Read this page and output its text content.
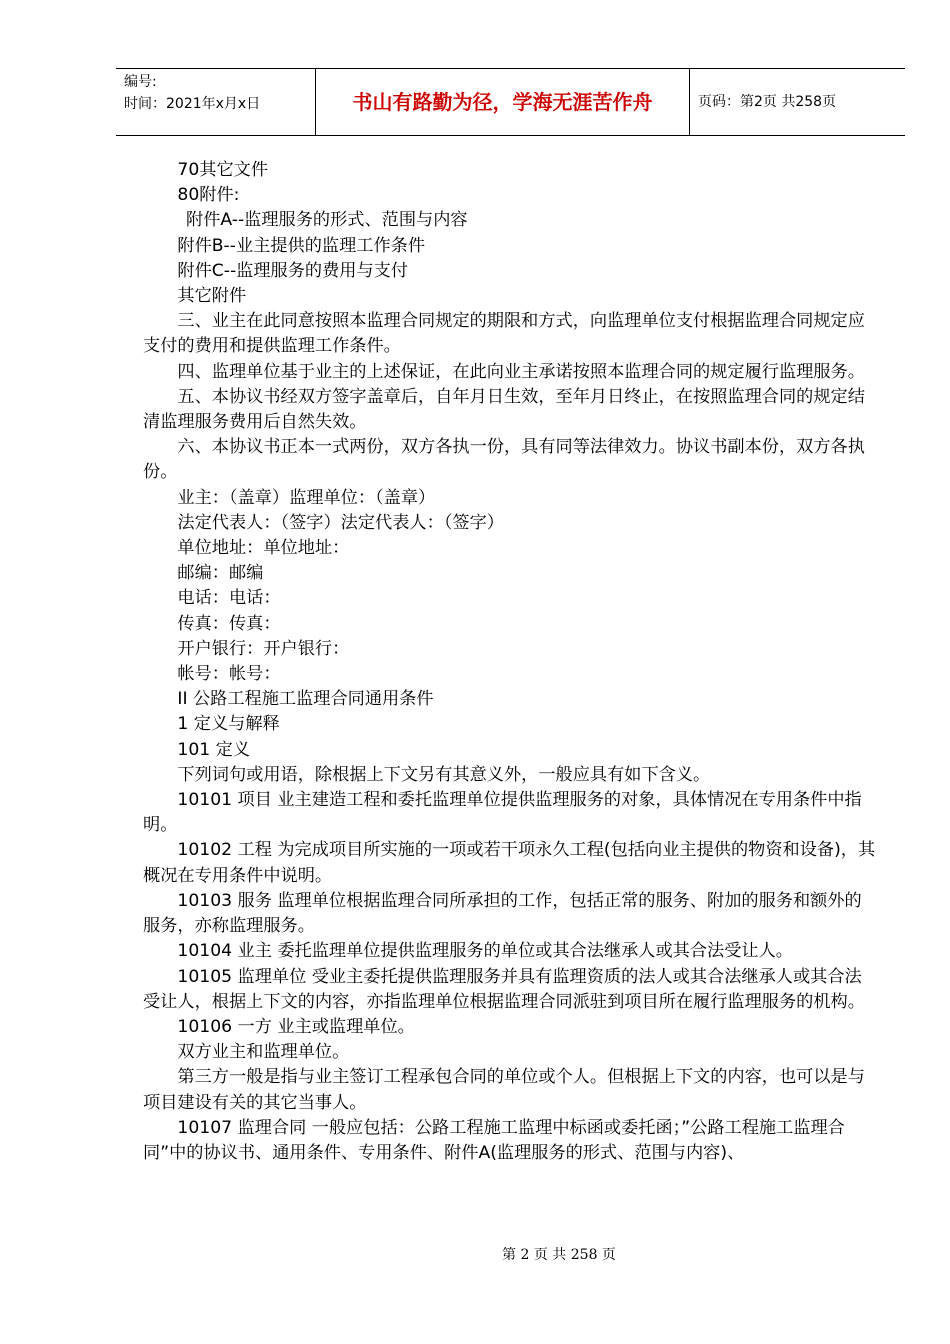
编号:
时间：2021年x月x日	书山有路勤为径，学海无涯苦作舟	页码：第2页 共258页

70其它文件

80附件:

附件A--监理服务的形式、范围与内容

附件B--业主提供的监理工作条件

附件C--监理服务的费用与支付

其它附件

三、业主在此同意按照本监理合同规定的期限和方式，向监理单位支付根据监理合同规定应支付的费用和提供监理工作条件。

四、监理单位基于业主的上述保证，在此向业主承诺按照本监理合同的规定履行监理服务。

五、本协议书经双方签字盖章后，自年月日生效，至年月日终止，在按照监理合同的规定结清监理服务费用后自然失效。

六、本协议书正本一式两份，双方各执一份，具有同等法律效力。协议书副本份，双方各执份。

业主：（盖章）监理单位：（盖章）

法定代表人：（签字）法定代表人：（签字）

单位地址：单位地址：

邮编：邮编

电话：电话：

传真：传真：

开户银行：开户银行：

帐号：帐号：

II 公路工程施工监理合同通用条件

1 定义与解释

101 定义

下列词句或用语，除根据上下文另有其意义外，一般应具有如下含义。

10101 项目 业主建造工程和委托监理单位提供监理服务的对象，具体情况在专用条件中指明。

10102 工程 为完成项目所实施的一项或若干项永久工程(包括向业主提供的物资和设备)，其概况在专用条件中说明。

10103 服务 监理单位根据监理合同所承担的工作，包括正常的服务、附加的服务和额外的服务，亦称监理服务。

10104 业主 委托监理单位提供监理服务的单位或其合法继承人或其合法受让人。

10105 监理单位 受业主委托提供监理服务并具有监理资质的法人或其合法继承人或其合法受让人，根据上下文的内容，亦指监理单位根据监理合同派驻到项目所在履行监理服务的机构。

10106 一方 业主或监理单位。

双方业主和监理单位。

第三方一般是指与业主签订工程承包合同的单位或个人。但根据上下文的内容，也可以是与项目建设有关的其它当事人。

10107 监理合同 一般应包括：公路工程施工监理中标函或委托函；”公路工程施工监理合同”中的协议书、通用条件、专用条件、附件A(监理服务的形式、范围与内容)、

第 2 页 共 258 页
